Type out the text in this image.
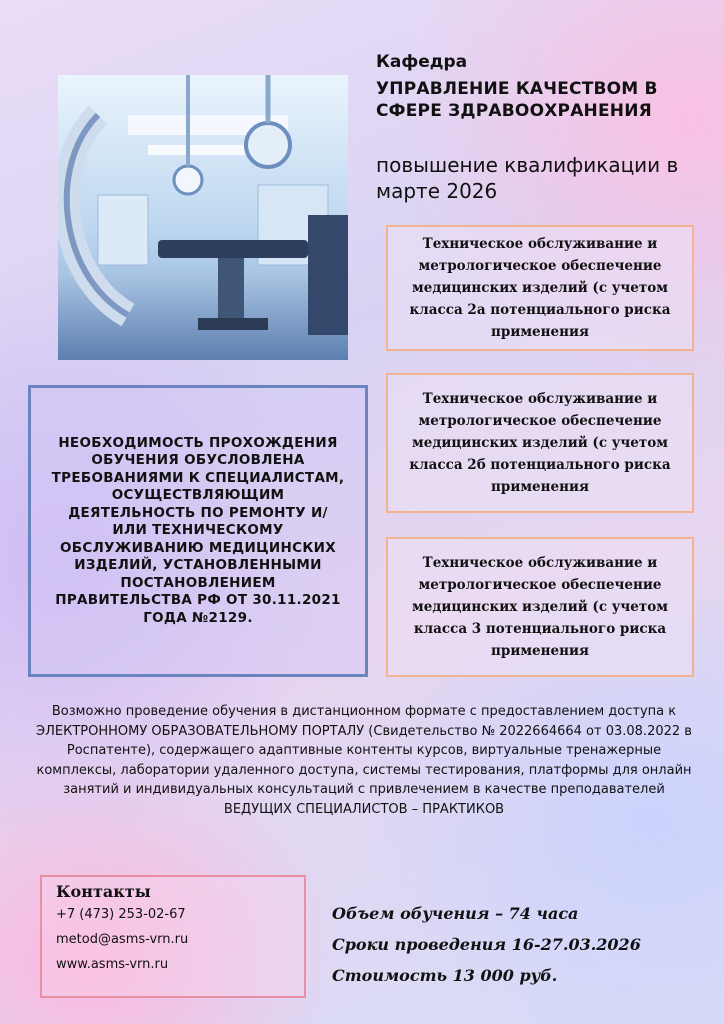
Кафедра
УПРАВЛЕНИЕ КАЧЕСТВОМ В СФЕРЕ ЗДРАВООХРАНЕНИЯ
повышение квалификации в марте 2026
Техническое обслуживание и метрологическое обеспечение медицинских изделий (с учетом класса 2а потенциального риска применения
Техническое обслуживание и метрологическое обеспечение медицинских изделий (с учетом класса 2б потенциального риска применения
Техническое обслуживание и метрологическое обеспечение медицинских изделий (с учетом класса 3 потенциального риска применения
НЕОБХОДИМОСТЬ ПРОХОЖДЕНИЯ ОБУЧЕНИЯ ОБУСЛОВЛЕНА ТРЕБОВАНИЯМИ К СПЕЦИАЛИСТАМ, ОСУЩЕСТВЛЯЮЩИМ ДЕЯТЕЛЬНОСТЬ ПО РЕМОНТУ И/ИЛИ ТЕХНИЧЕСКОМУ ОБСЛУЖИВАНИЮ МЕДИЦИНСКИХ ИЗДЕЛИЙ, УСТАНОВЛЕННЫМИ ПОСТАНОВЛЕНИЕМ ПРАВИТЕЛЬСТВА РФ ОТ 30.11.2021 ГОДА №2129.
Возможно проведение обучения в дистанционном формате с предоставлением доступа к ЭЛЕКТРОННОМУ ОБРАЗОВАТЕЛЬНОМУ ПОРТАЛУ (Свидетельство № 2022664664 от 03.08.2022 в Роспатенте), содержащего адаптивные контенты курсов, виртуальные тренажерные комплексы, лаборатории удаленного доступа, системы тестирования, платформы для онлайн занятий и индивидуальных консультаций с привлечением в качестве преподавателей ВЕДУЩИХ СПЕЦИАЛИСТОВ – ПРАКТИКОВ
Контакты
+7 (473) 253-02-67
metod@asms-vrn.ru
www.asms-vrn.ru
Объем обучения – 74 часа
Сроки проведения 16-27.03.2026
Стоимость 13 000 руб.
